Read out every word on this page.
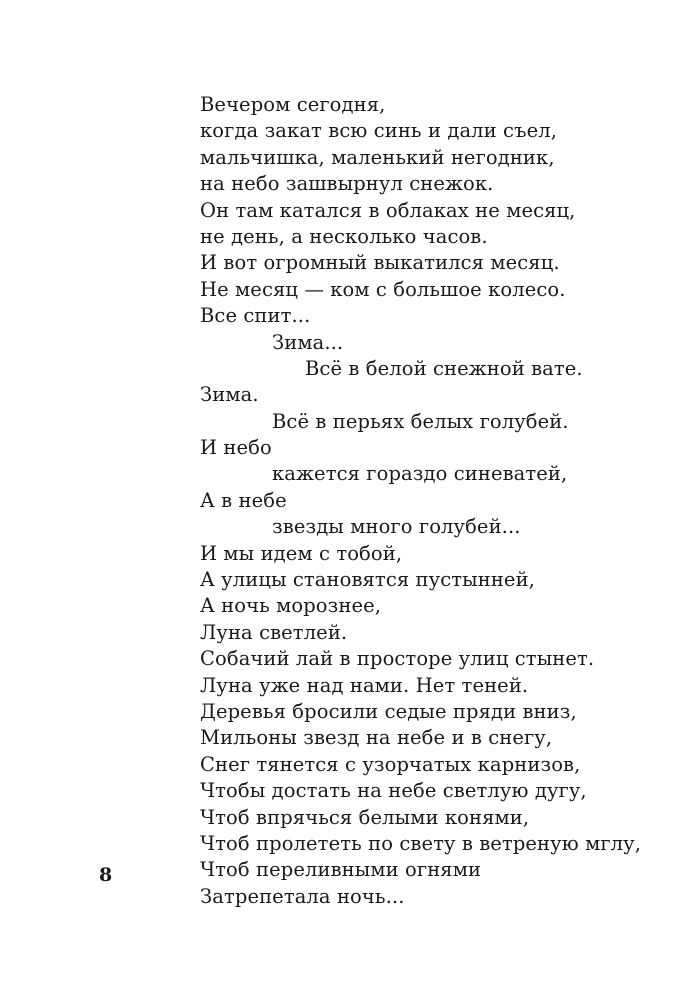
Вечером сегодня,
когда закат всю синь и дали съел,
мальчишка, маленький негодник,
на небо зашвырнул снежок.
Он там катался в облаках не месяц,
не день, а несколько часов.
И вот огромный выкатился месяц.
Не месяц — ком с большое колесо.
Все спит...
Зима...
Всё в белой снежной вате.
Зима.
Всё в перьях белых голубей.
И небо
кажется гораздо синеватей,
А в небе
звезды много голубей...
И мы идем с тобой,
А улицы становятся пустынней,
А ночь морознее,
Луна светлей.
Собачий лай в просторе улиц стынет.
Луна уже над нами. Нет теней.
Деревья бросили седые пряди вниз,
Мильоны звезд на небе и в снегу,
Снег тянется с узорчатых карнизов,
Чтобы достать на небе светлую дугу,
Чтоб впрячься белыми конями,
Чтоб пролететь по свету в ветреную мглу,
Чтоб переливными огнями
Затрепетала ночь...
8
